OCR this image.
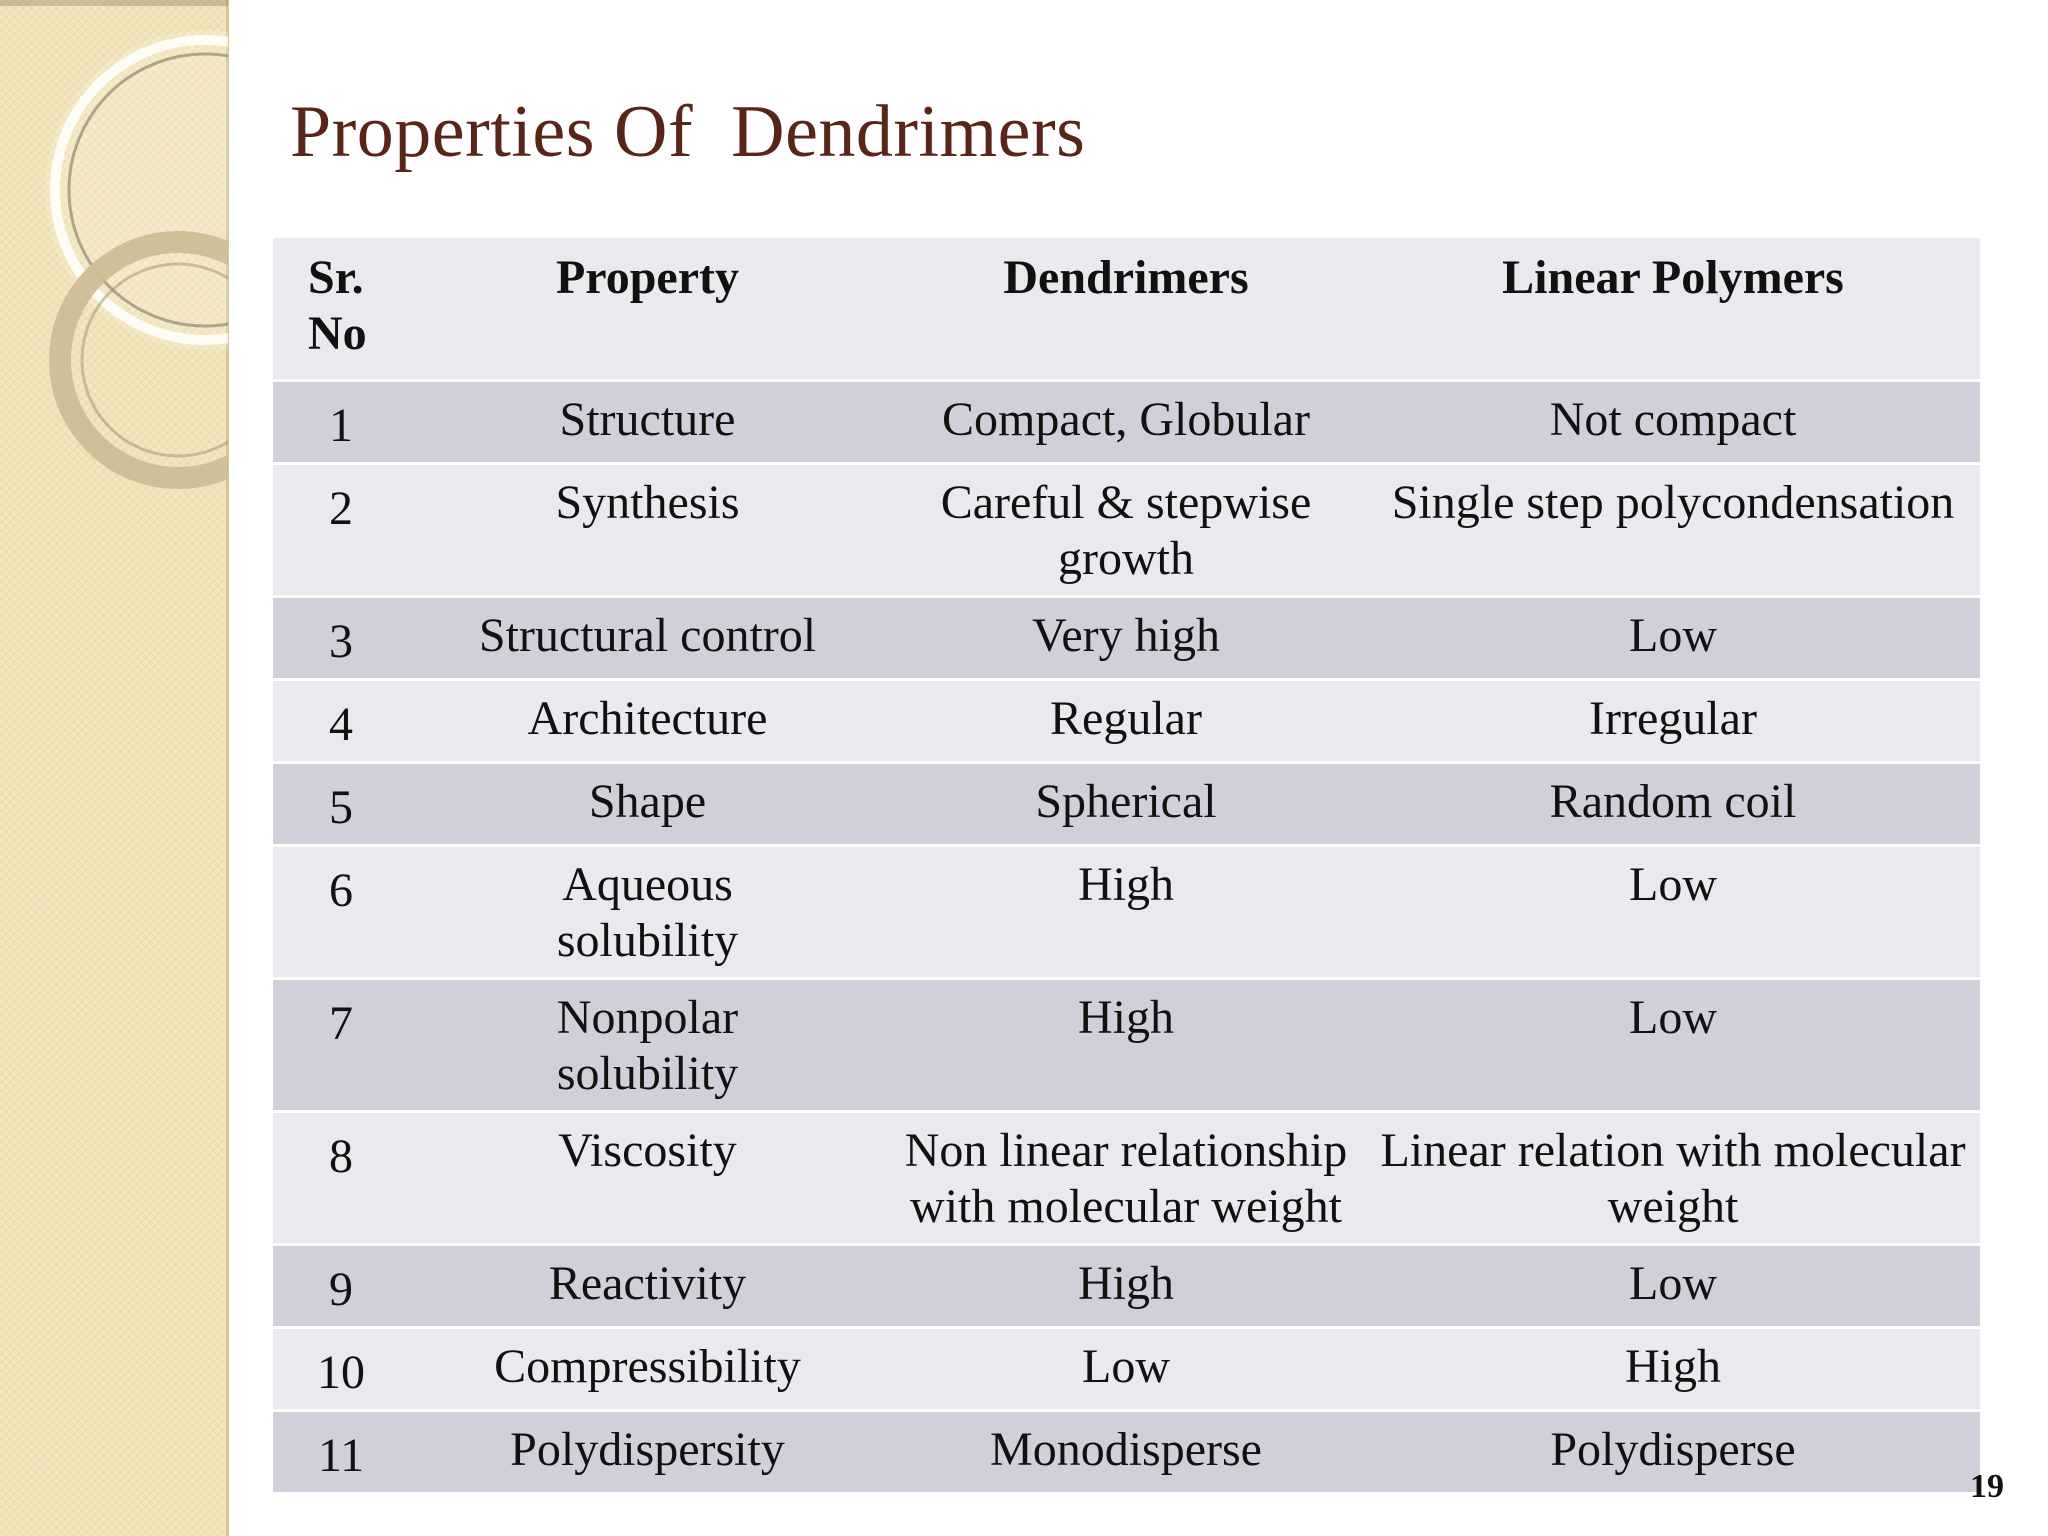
Properties Of  Dendrimers
Sr.
No	Property	Dendrimers	Linear Polymers
1	Structure	Compact, Globular	Not compact
2	Synthesis	Careful & stepwise growth	Single step polycondensation
3	Structural control	Very high	Low
4	Architecture	Regular	Irregular
5	Shape	Spherical	Random coil
6	Aqueous solubility	High	Low
7	Nonpolar solubility	High	Low
8	Viscosity	Non linear relationship with molecular weight	Linear relation with molecular weight
9	Reactivity	High	Low
10	Compressibility	Low	High
11	Polydispersity	Monodisperse	Polydisperse
19
